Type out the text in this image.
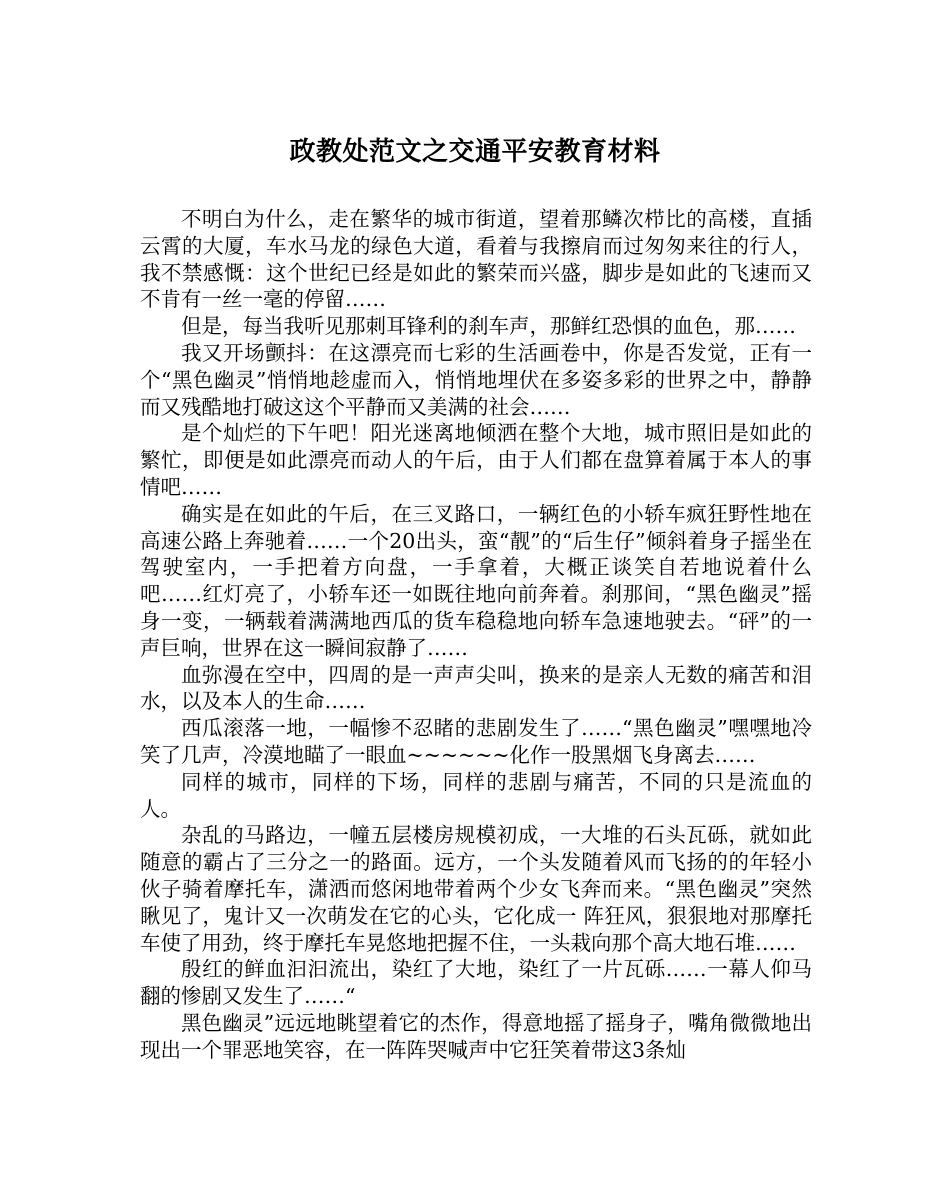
政教处范文之交通平安教育材料

不明白为什么，走在繁华的城市街道，望着那鳞次栉比的高楼，直插云霄的大厦，车水马龙的绿色大道，看着与我擦肩而过匆匆来往的行人，我不禁感慨：这个世纪已经是如此的繁荣而兴盛，脚步是如此的飞速而又不肯有一丝一毫的停留……

但是，每当我听见那刺耳锋利的刹车声，那鲜红恐惧的血色，那……

我又开场颤抖：在这漂亮而七彩的生活画卷中，你是否发觉，正有一个“黑色幽灵”悄悄地趁虚而入，悄悄地埋伏在多姿多彩的世界之中，静静而又残酷地打破这这个平静而又美满的社会……

是个灿烂的下午吧！阳光迷离地倾洒在整个大地，城市照旧是如此的繁忙，即便是如此漂亮而动人的午后，由于人们都在盘算着属于本人的事情吧……

确实是在如此的午后，在三叉路口，一辆红色的小轿车疯狂野性地在高速公路上奔驰着……一个20出头，蛮“靓”的“后生仔”倾斜着身子摇坐在驾驶室内，一手把着方向盘，一手拿着，大概正谈笑自若地说着什么吧……红灯亮了，小轿车还一如既往地向前奔着。刹那间，“黑色幽灵”摇身一变，一辆载着满满地西瓜的货车稳稳地向轿车急速地驶去。“砰”的一声巨响，世界在这一瞬间寂静了……

血弥漫在空中，四周的是一声声尖叫，换来的是亲人无数的痛苦和泪水，以及本人的生命……

西瓜滚落一地，一幅惨不忍睹的悲剧发生了……“黑色幽灵”嘿嘿地冷笑了几声，冷漠地瞄了一眼血~~~~~~化作一股黑烟飞身离去……

同样的城市，同样的下场，同样的悲剧与痛苦，不同的只是流血的人。

杂乱的马路边，一幢五层楼房规模初成，一大堆的石头瓦砾，就如此随意的霸占了三分之一的路面。远方，一个头发随着风而飞扬的的年轻小伙子骑着摩托车，潇洒而悠闲地带着两个少女飞奔而来。“黑色幽灵”突然瞅见了，鬼计又一次萌发在它的心头，它化成一 阵狂风，狠狠地对那摩托车使了用劲，终于摩托车晃悠地把握不住，一头栽向那个高大地石堆……

殷红的鲜血汩汩流出，染红了大地，染红了一片瓦砾……一幕人仰马翻的惨剧又发生了……“

黑色幽灵”远远地眺望着它的杰作，得意地摇了摇身子，嘴角微微地出现出一个罪恶地笑容，在一阵阵哭喊声中它狂笑着带这3条灿
